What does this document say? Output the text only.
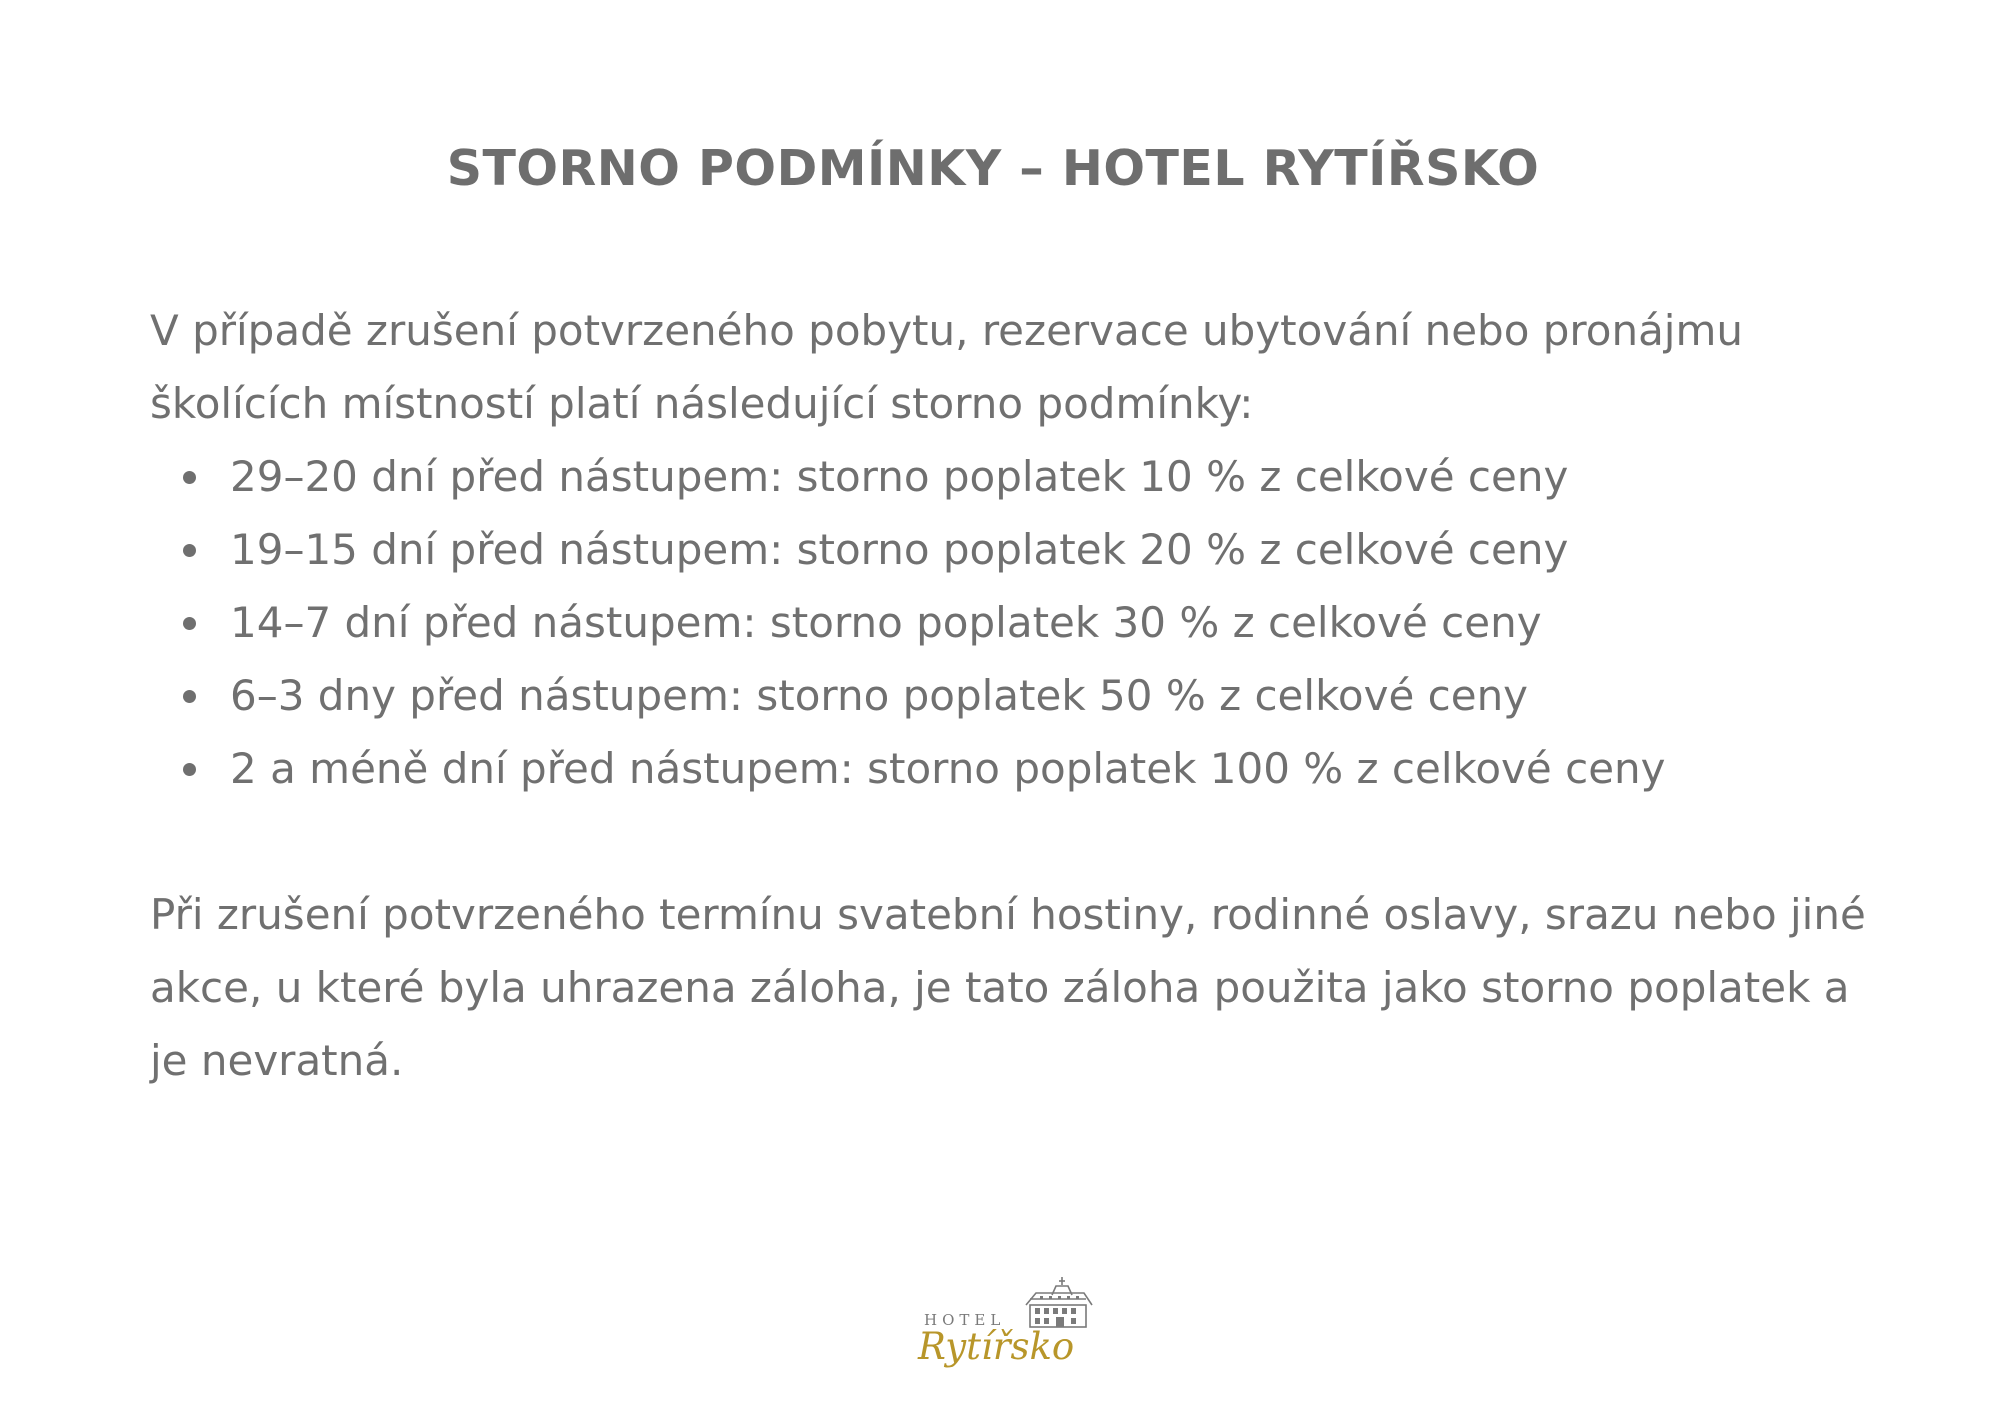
STORNO PODMÍNKY – HOTEL RYTÍŘSKO

V případě zrušení potvrzeného pobytu, rezervace ubytování nebo pronájmu školících místností platí následující storno podmínky:

29–20 dní před nástupem: storno poplatek 10 % z celkové ceny
19–15 dní před nástupem: storno poplatek 20 % z celkové ceny
14–7 dní před nástupem: storno poplatek 30 % z celkové ceny
6–3 dny před nástupem: storno poplatek 50 % z celkové ceny
2 a méně dní před nástupem: storno poplatek 100 % z celkové ceny

Při zrušení potvrzeného termínu svatební hostiny, rodinné oslavy, srazu nebo jiné akce, u které byla uhrazena záloha, je tato záloha použita jako storno poplatek a je nevratná.

HOTEL
Rytířsko
